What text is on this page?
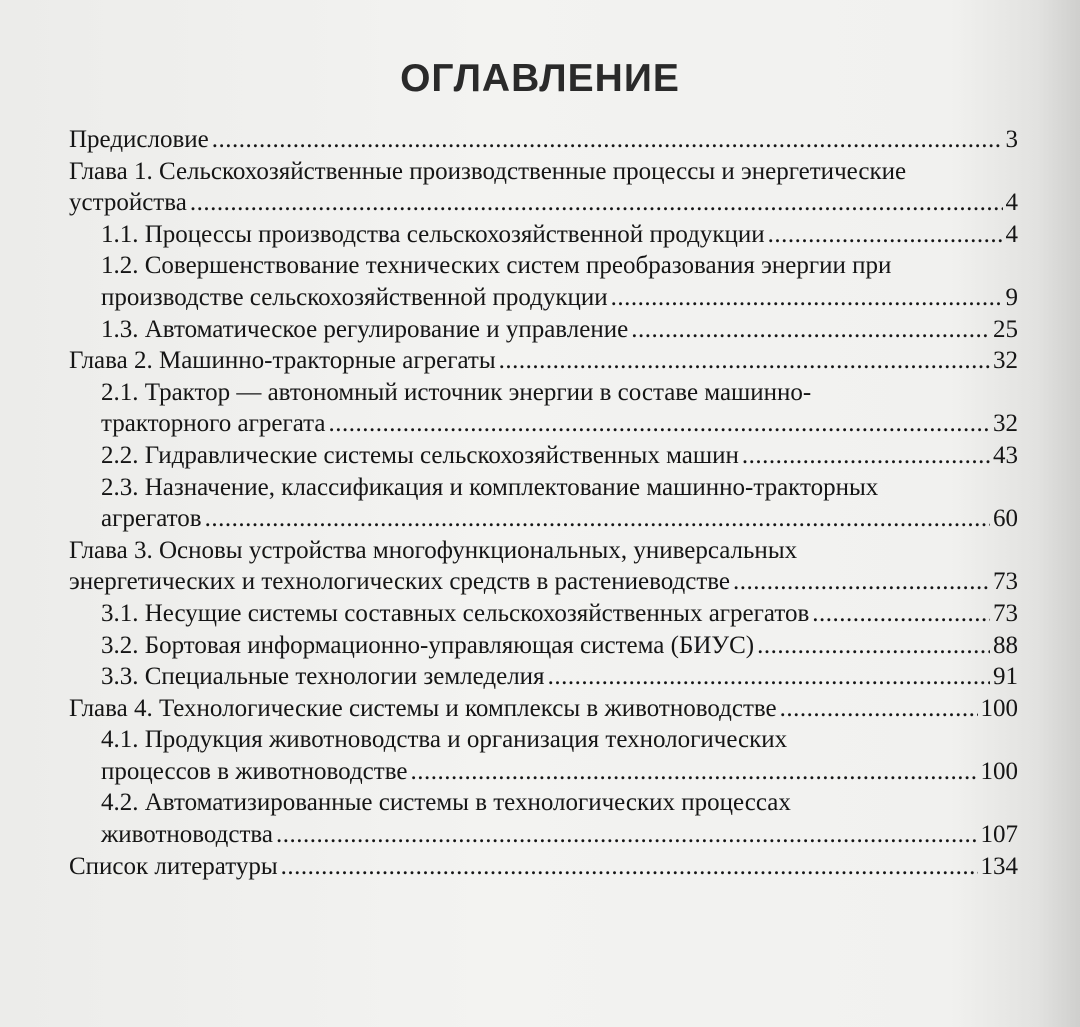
ОГЛАВЛЕНИЕ
Предисловие .....	3
Глава 1. Сельскохозяйственные производственные процессы и энергетические
устройства .....	4
1.1. Процессы производства сельскохозяйственной продукции .....	4
1.2. Совершенствование технических систем преобразования энергии при
производстве сельскохозяйственной продукции .....	9
1.3. Автоматическое регулирование и управление .....	25
Глава 2. Машинно-тракторные агрегаты .....	32
2.1. Трактор — автономный источник энергии в составе машинно-
тракторного агрегата .....	32
2.2. Гидравлические системы сельскохозяйственных машин .....	43
2.3. Назначение, классификация и комплектование машинно-тракторных
агрегатов .....	60
Глава 3. Основы устройства многофункциональных, универсальных
энергетических и технологических средств в растениеводстве .....	73
3.1. Несущие системы составных сельскохозяйственных агрегатов .....	73
3.2. Бортовая информационно-управляющая система (БИУС) .....	88
3.3. Специальные технологии земледелия .....	91
Глава 4. Технологические системы и комплексы в животноводстве .....	100
4.1. Продукция животноводства и организация технологических
процессов в животноводстве .....	100
4.2. Автоматизированные системы в технологических процессах
животноводства .....	107
Список литературы .....	134
